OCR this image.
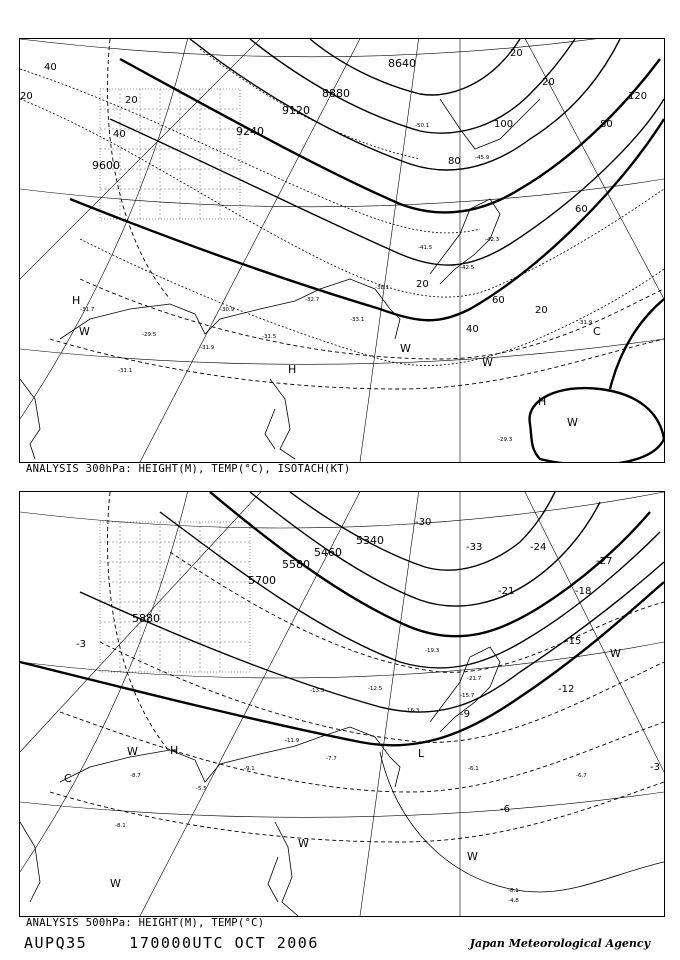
9120
9600
8880
8640
9240
40
20
40
20
100
80
60
120
80
60
20
40
20
20
20
-31.7
-29.5
-31.1
-31.9
-42.3
-41.5
-32.7
-31.5
-29.3
-31.9
-42.5
-38.1
-33.1
-30.9
-45.9
-50.1
H
H
H
C
W
W
W
W
ANALYSIS 300hPa: HEIGHT(M), TEMP(°C), ISOTACH(KT)
5700
5880
5580
5340
5460
-3
-27
-12
-15
-21	-18
-33
-30
-9
-6
-24
-3
-8.7
-6.1
-9.1
-8.1
-6.7
-5.5
-7.7
-21.7
-15.7
-16.3
-11.9
-12.5
-19.3
-13.3
-8.1
-4.8
H	L
C
W
W
W
W
W
ANALYSIS 500hPa: HEIGHT(M), TEMP(°C)
AUPQ35    170000UTC OCT 2006	Japan Meteorological Agency
